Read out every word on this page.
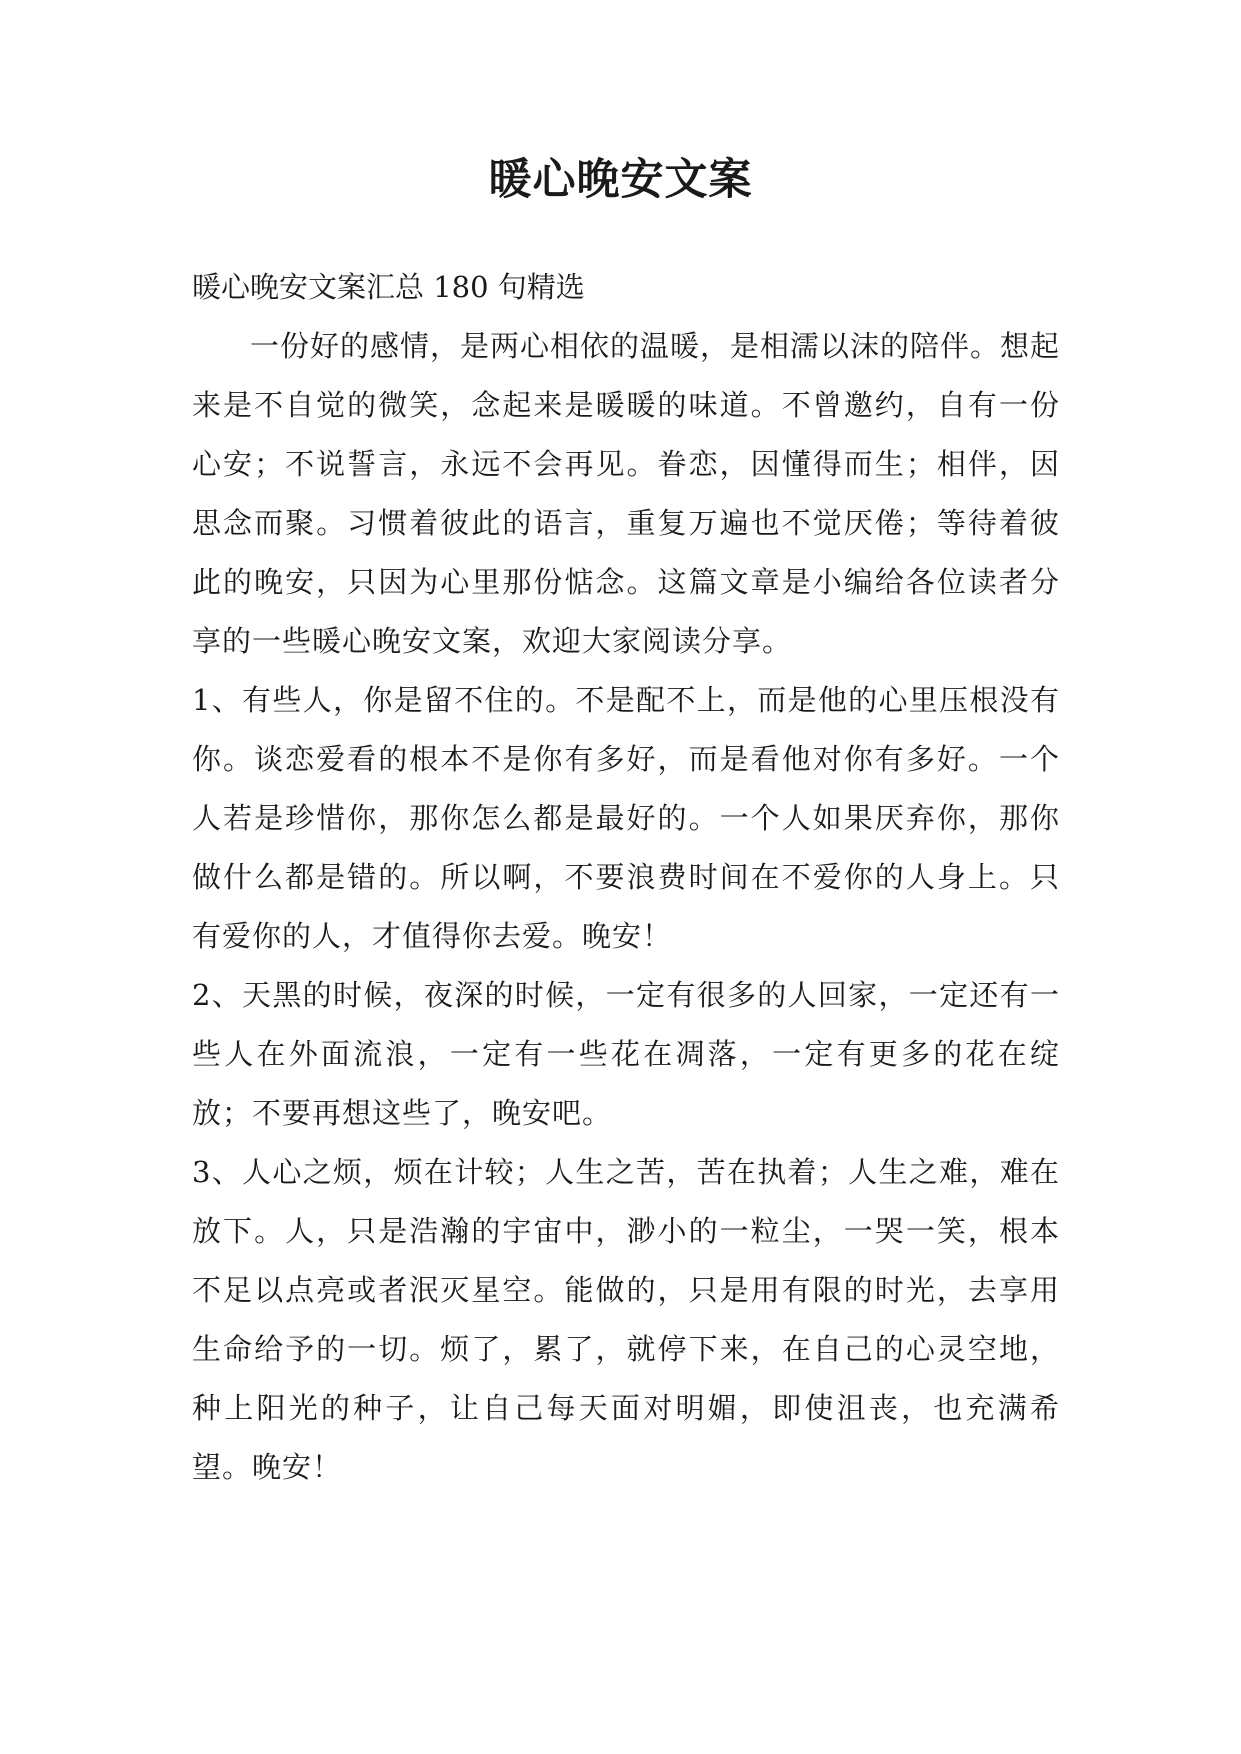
暖心晚安文案

暖心晚安文案汇总 180 句精选

一份好的感情，是两心相依的温暖，是相濡以沫的陪伴。想起来是不自觉的微笑，念起来是暖暖的味道。不曾邀约，自有一份心安；不说誓言，永远不会再见。眷恋，因懂得而生；相伴，因思念而聚。习惯着彼此的语言，重复万遍也不觉厌倦；等待着彼此的晚安，只因为心里那份惦念。这篇文章是小编给各位读者分享的一些暖心晚安文案，欢迎大家阅读分享。

1、有些人，你是留不住的。不是配不上，而是他的心里压根没有你。谈恋爱看的根本不是你有多好，而是看他对你有多好。一个人若是珍惜你，那你怎么都是最好的。一个人如果厌弃你，那你做什么都是错的。所以啊，不要浪费时间在不爱你的人身上。只有爱你的人，才值得你去爱。晚安！

2、天黑的时候，夜深的时候，一定有很多的人回家，一定还有一些人在外面流浪，一定有一些花在凋落，一定有更多的花在绽放；不要再想这些了，晚安吧。

3、人心之烦，烦在计较；人生之苦，苦在执着；人生之难，难在放下。人，只是浩瀚的宇宙中，渺小的一粒尘，一哭一笑，根本不足以点亮或者泯灭星空。能做的，只是用有限的时光，去享用生命给予的一切。烦了，累了，就停下来，在自己的心灵空地，种上阳光的种子，让自己每天面对明媚，即使沮丧，也充满希望。晚安！
